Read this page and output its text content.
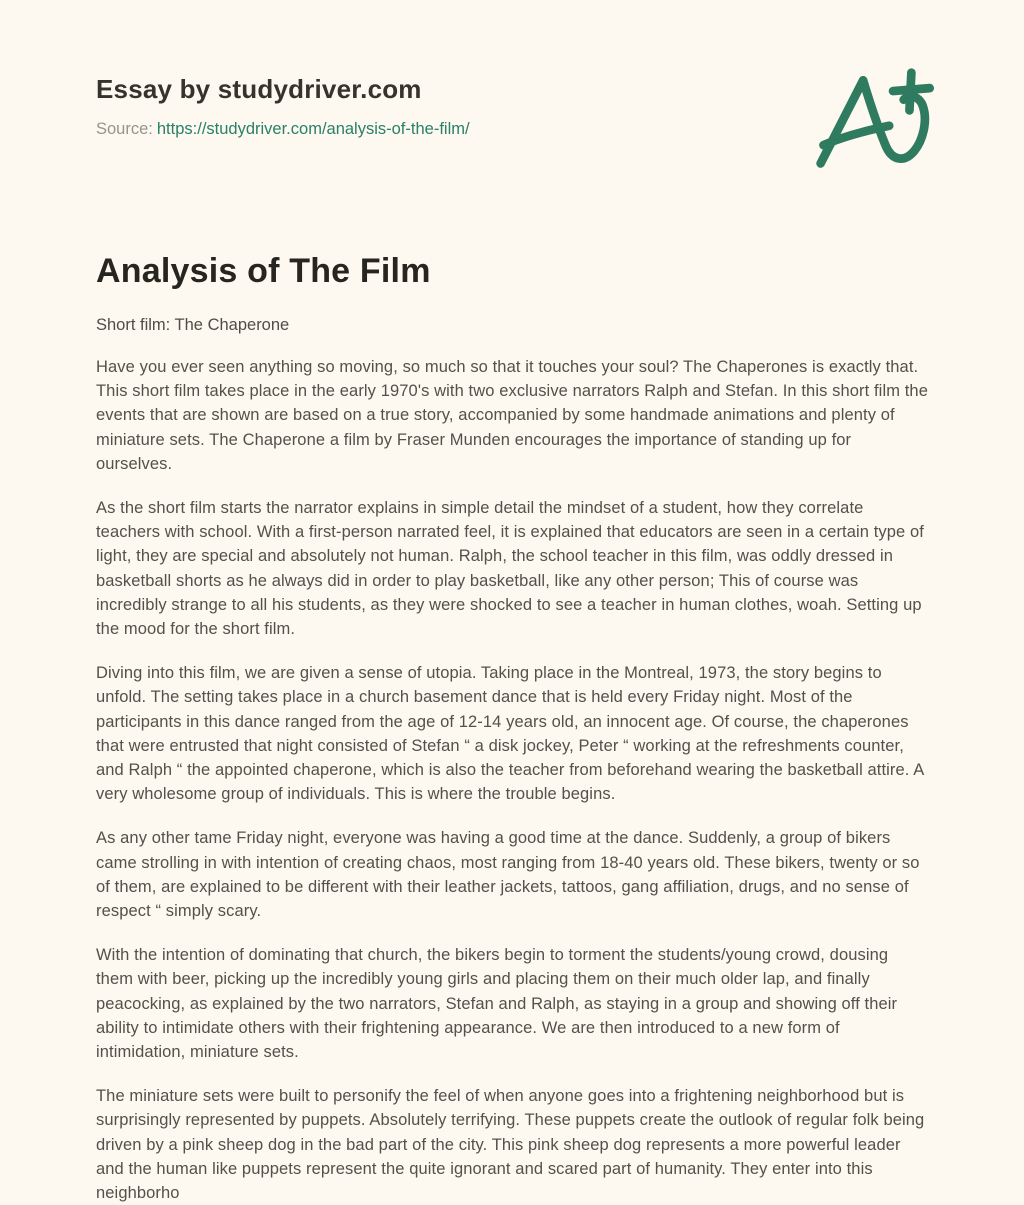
Essay by studydriver.com
Source: https://studydriver.com/analysis-of-the-film/
Analysis of The Film

Short film: The Chaperone

Have you ever seen anything so moving, so much so that it touches your soul? The Chaperones is exactly that. This short film takes place in the early 1970's with two exclusive narrators Ralph and Stefan. In this short film the events that are shown are based on a true story, accompanied by some handmade animations and plenty of miniature sets. The Chaperone a film by Fraser Munden encourages the importance of standing up for ourselves.

As the short film starts the narrator explains in simple detail the mindset of a student, how they correlate teachers with school. With a first-person narrated feel, it is explained that educators are seen in a certain type of light, they are special and absolutely not human. Ralph, the school teacher in this film, was oddly dressed in basketball shorts as he always did in order to play basketball, like any other person; This of course was incredibly strange to all his students, as they were shocked to see a teacher in human clothes, woah. Setting up the mood for the short film.

Diving into this film, we are given a sense of utopia. Taking place in the Montreal, 1973, the story begins to unfold. The setting takes place in a church basement dance that is held every Friday night. Most of the participants in this dance ranged from the age of 12-14 years old, an innocent age. Of course, the chaperones that were entrusted that night consisted of Stefan “ a disk jockey, Peter “ working at the refreshments counter, and Ralph “ the appointed chaperone, which is also the teacher from beforehand wearing the basketball attire. A very wholesome group of individuals. This is where the trouble begins.

As any other tame Friday night, everyone was having a good time at the dance. Suddenly, a group of bikers came strolling in with intention of creating chaos, most ranging from 18-40 years old. These bikers, twenty or so of them, are explained to be different with their leather jackets, tattoos, gang affiliation, drugs, and no sense of respect “ simply scary.

With the intention of dominating that church, the bikers begin to torment the students/young crowd, dousing them with beer, picking up the incredibly young girls and placing them on their much older lap, and finally peacocking, as explained by the two narrators, Stefan and Ralph, as staying in a group and showing off their ability to intimidate others with their frightening appearance. We are then introduced to a new form of intimidation, miniature sets.

The miniature sets were built to personify the feel of when anyone goes into a frightening neighborhood but is surprisingly represented by puppets. Absolutely terrifying. These puppets create the outlook of regular folk being driven by a pink sheep dog in the bad part of the city. This pink sheep dog represents a more powerful leader and the human like puppets represent the quite ignorant and scared part of humanity. They enter into this neighborho
